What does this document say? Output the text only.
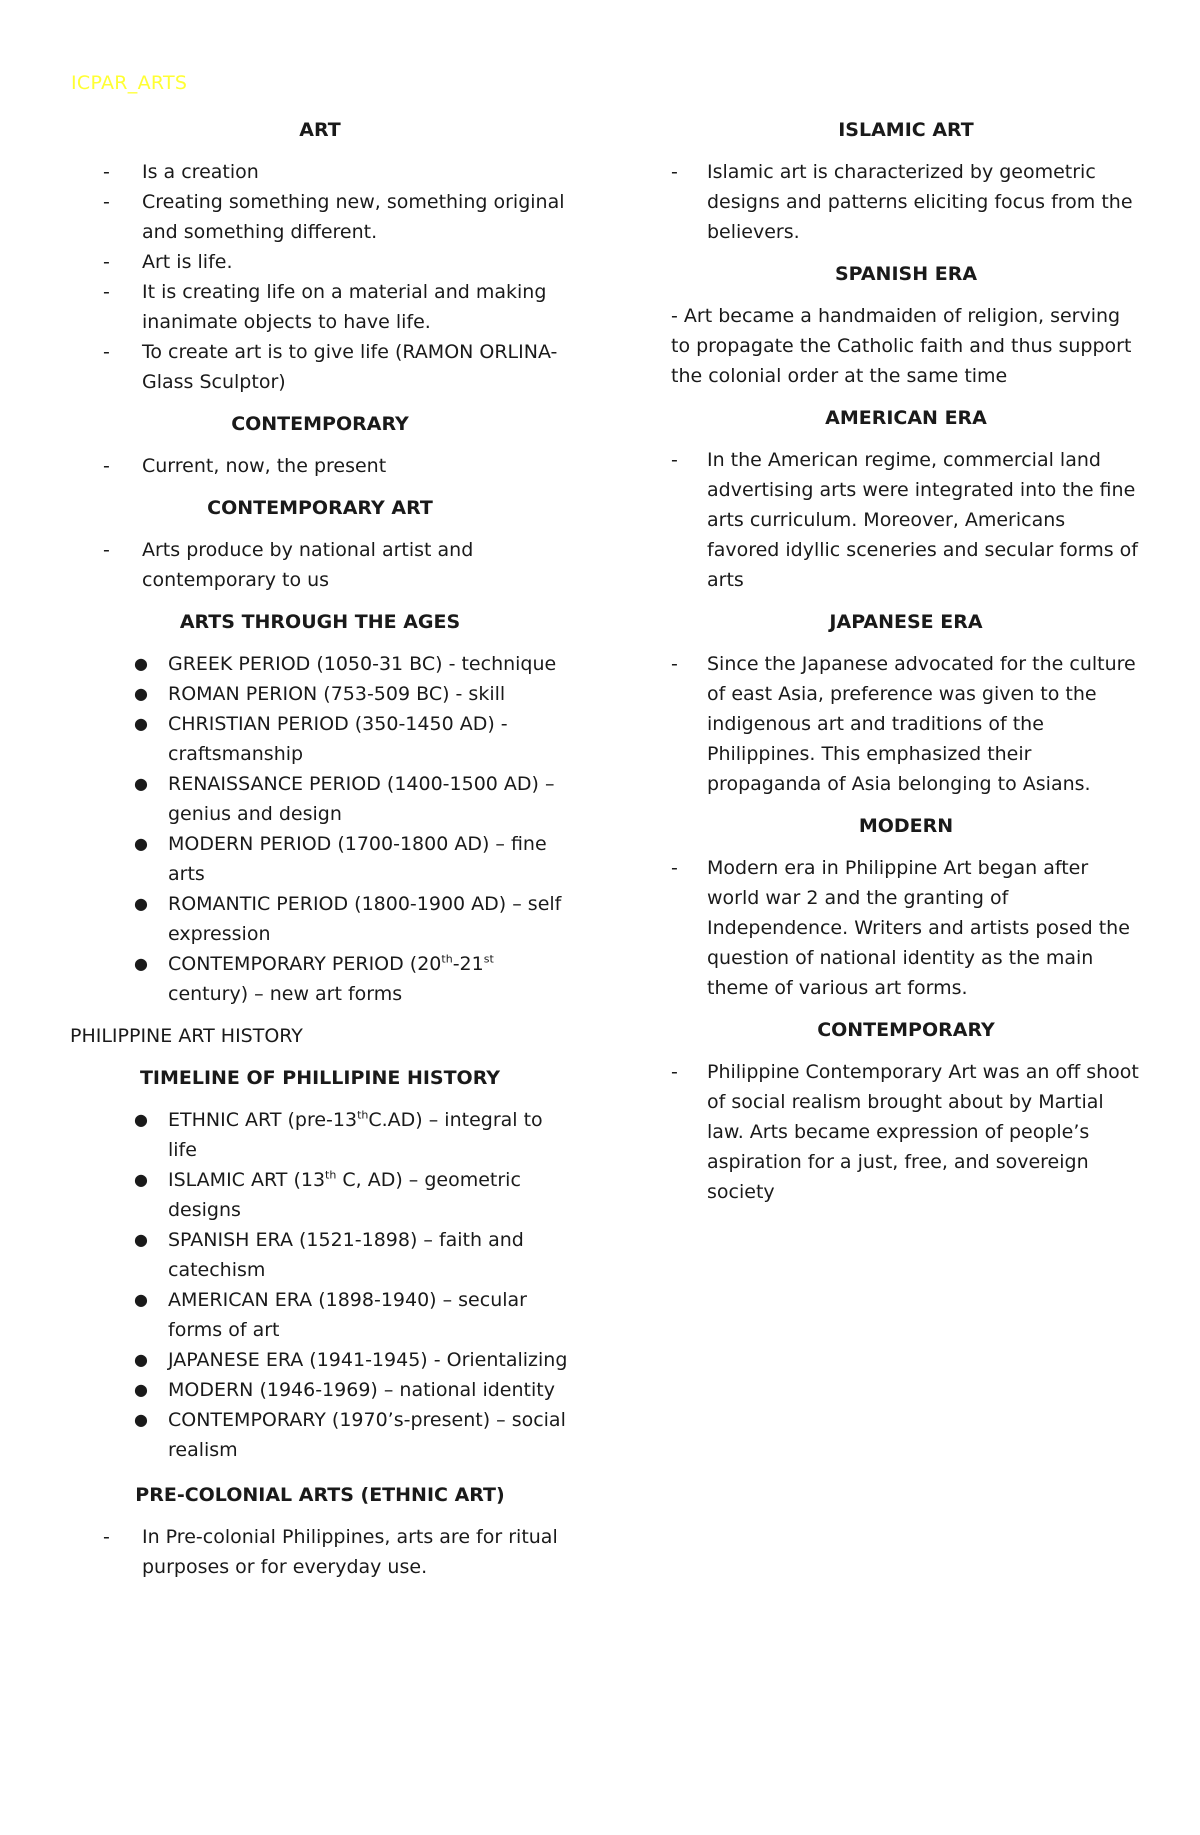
ICPAR_ARTS
ART
- Is a creation
- Creating something new, something original and something different.
- Art is life.
- It is creating life on a material and making inanimate objects to have life.
- To create art is to give life (RAMON ORLINA- Glass Sculptor)
CONTEMPORARY
- Current, now, the present
CONTEMPORARY ART
- Arts produce by national artist and contemporary to us
ARTS THROUGH THE AGES
● GREEK PERIOD (1050-31 BC) - technique
● ROMAN PERION (753-509 BC) - skill
● CHRISTIAN PERIOD (350-1450 AD) - craftsmanship
● RENAISSANCE PERIOD (1400-1500 AD) – genius and design
● MODERN PERIOD (1700-1800 AD) – fine arts
● ROMANTIC PERIOD (1800-1900 AD) – self expression
● CONTEMPORARY PERIOD (20th-21st century) – new art forms
PHILIPPINE ART HISTORY
TIMELINE OF PHILLIPINE HISTORY
● ETHNIC ART (pre-13thC.AD) – integral to life
● ISLAMIC ART (13th C, AD) – geometric designs
● SPANISH ERA (1521-1898) – faith and catechism
● AMERICAN ERA (1898-1940) – secular forms of art
● JAPANESE ERA (1941-1945) - Orientalizing
● MODERN (1946-1969) – national identity
● CONTEMPORARY (1970’s-present) – social realism
PRE-COLONIAL ARTS (ETHNIC ART)
- In Pre-colonial Philippines, arts are for ritual purposes or for everyday use.
ISLAMIC ART
- Islamic art is characterized by geometric designs and patterns eliciting focus from the believers.
SPANISH ERA
- Art became a handmaiden of religion, serving to propagate the Catholic faith and thus support the colonial order at the same time
AMERICAN ERA
- In the American regime, commercial land advertising arts were integrated into the fine arts curriculum. Moreover, Americans favored idyllic sceneries and secular forms of arts
JAPANESE ERA
- Since the Japanese advocated for the culture of east Asia, preference was given to the indigenous art and traditions of the Philippines. This emphasized their propaganda of Asia belonging to Asians.
MODERN
- Modern era in Philippine Art began after world war 2 and the granting of Independence. Writers and artists posed the question of national identity as the main theme of various art forms.
CONTEMPORARY
- Philippine Contemporary Art was an off shoot of social realism brought about by Martial law. Arts became expression of people’s aspiration for a just, free, and sovereign society
